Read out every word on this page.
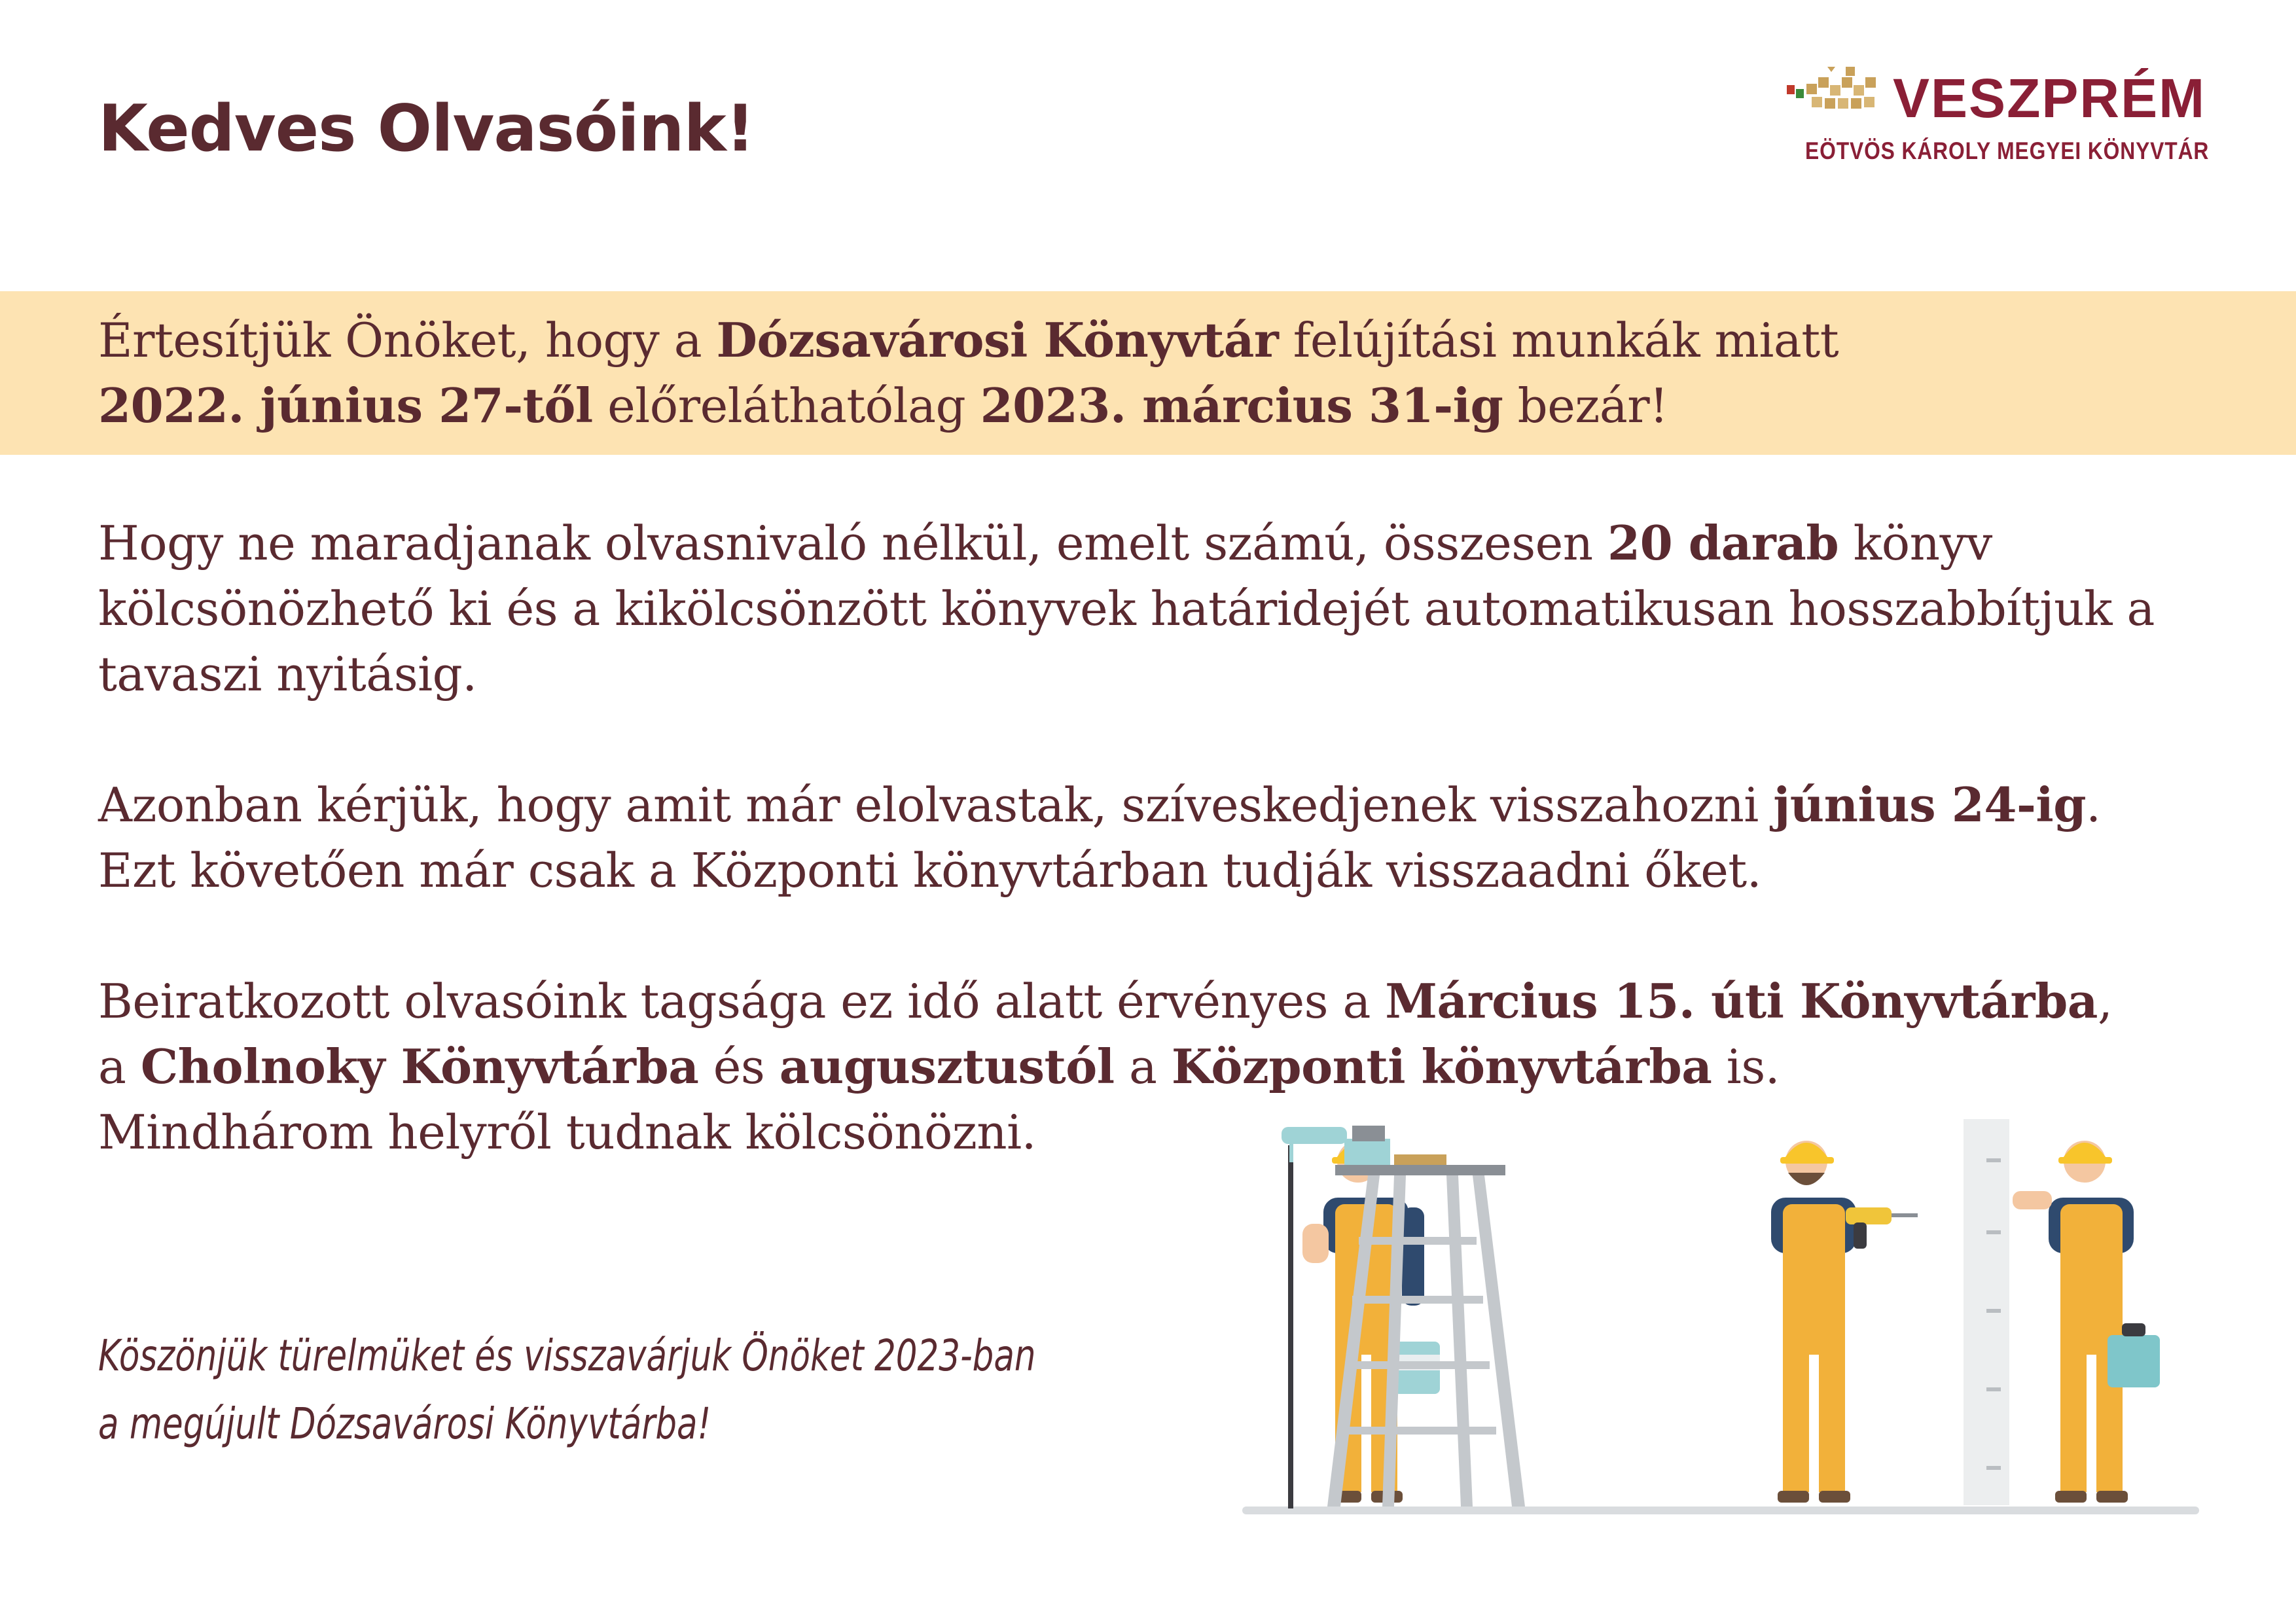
Kedves Olvasóink!	VESZPRÉM
EÖTVÖS KÁROLY MEGYEI KÖNYVTÁR

Értesítjük Önöket, hogy a Dózsavárosi Könyvtár felújítási munkák miatt
2022. június 27-től előreláthatólag 2023. március 31-ig bezár!

Hogy ne maradjanak olvasnivaló nélkül, emelt számú, összesen 20 darab könyv
kölcsönözhető ki és a kikölcsönzött könyvek határidejét automatikusan hosszabbítjuk a
tavaszi nyitásig.

Azonban kérjük, hogy amit már elolvastak, szíveskedjenek visszahozni június 24-ig.
Ezt követően már csak a Központi könyvtárban tudják visszaadni őket.

Beiratkozott olvasóink tagsága ez idő alatt érvényes a Március 15. úti Könyvtárba,
a Cholnoky Könyvtárba és augusztustól a Központi könyvtárba is.
Mindhárom helyről tudnak kölcsönözni.

Köszönjük türelmüket és visszavárjuk Önöket 2023-ban
a megújult Dózsavárosi Könyvtárba!
